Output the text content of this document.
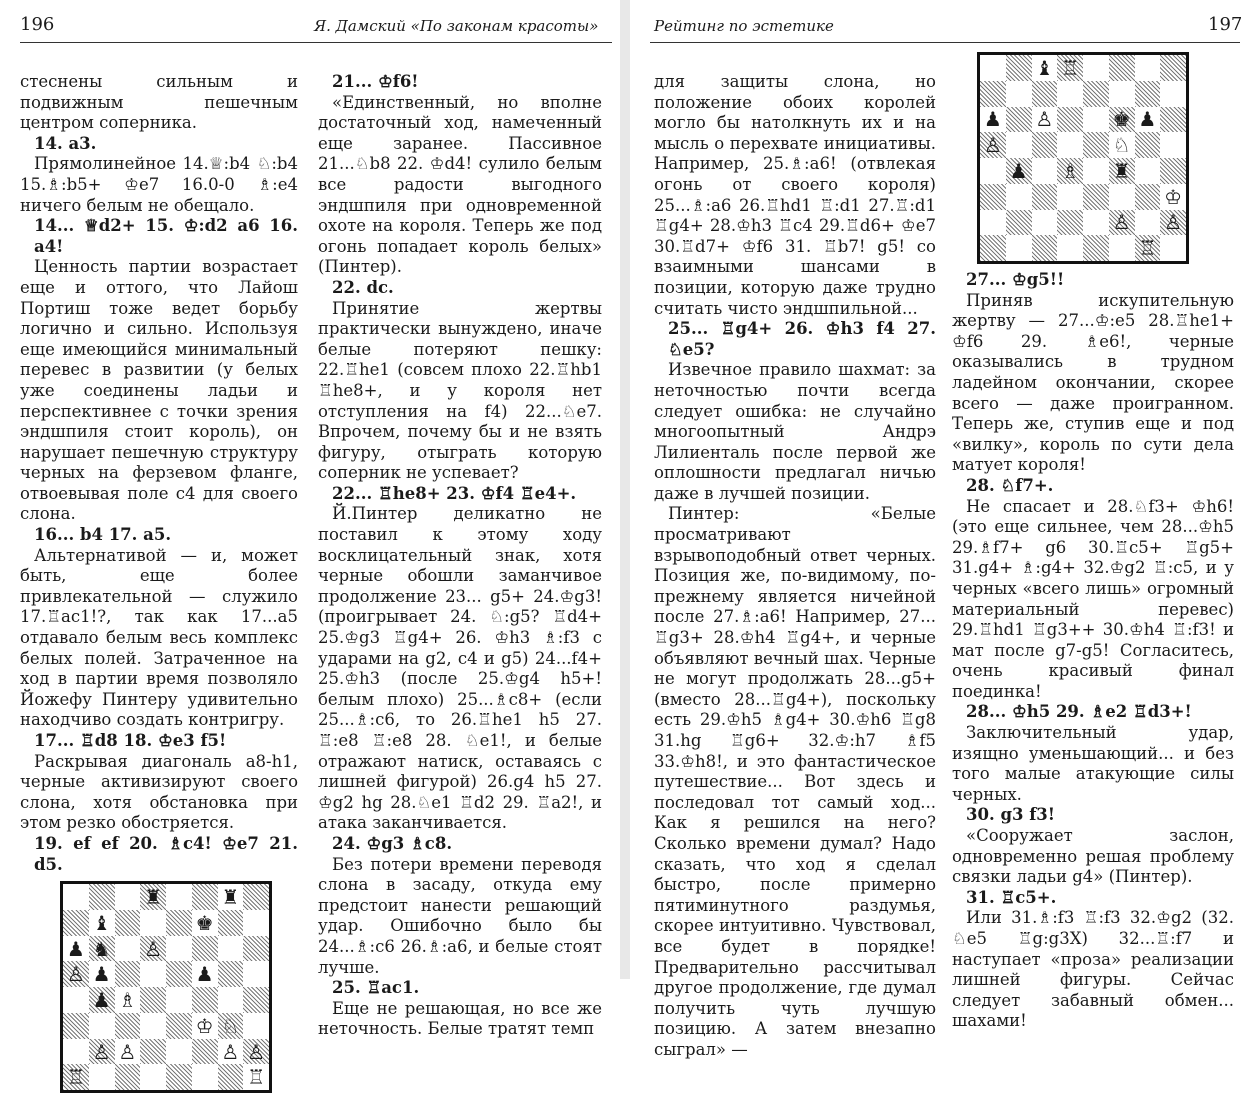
196	Я. Дамский «По законам красоты»

стеснены сильным и подвижным пешечным центром соперника.

14. a3.

Прямолинейное 14.♕:b4 ♘:b4 15.♗:b5+ ♔e7 16.0-0 ♗:e4 ничего белым не обещало.

14... ♕d2+ 15. ♔:d2 a6 16. a4!

Ценность партии возрастает еще и оттого, что Лайош Портиш тоже ведет борьбу логично и сильно. Используя еще имеющийся минимальный перевес в развитии (у белых уже соединены ладьи и перспективнее с точки зрения эндшпиля стоит король), он нарушает пешечную структуру черных на ферзевом фланге, отвоевывая поле c4 для своего слона.

16... b4 17. a5.

Альтернативой — и, может быть, еще более привлекательной — служило 17.♖ac1!?, так как 17...a5 отдавало белым весь комплекс белых полей. Затраченное на ход в партии время позволяло Йожефу Пинтеру удивительно находчиво создать контригру.

17... ♖d8 18. ♔e3 f5!

Раскрывая диагональ a8-h1, черные активизируют своего слона, хотя обстановка при этом резко обостряется.

19. ef ef 20. ♗c4! ♔e7 21. d5.

♜	♜
♝	♚
♟ ♞ ♙
♙ ♟	♟
♟ ♗
♔ ♘
♙ ♙	♙ ♙
♖	♖

21... ♔f6!

«Единственный, но вполне достаточный ход, намеченный еще заранее. Пассивное 21...♘b8 22. ♔d4! сулило белым все радости выгодного эндшпиля при одновременной охоте на короля. Теперь же под огонь попадает король белых» (Пинтер).

22. dc.

Принятие жертвы практически вынуждено, иначе белые потеряют пешку: 22.♖he1 (совсем плохо 22.♖hb1 ♖he8+, и у короля нет отступления на f4) 22...♘e7. Впрочем, почему бы и не взять фигуру, отыграть которую соперник не успевает?

22... ♖he8+ 23. ♔f4 ♖e4+.

Й.Пинтер деликатно не поставил к этому ходу восклицательный знак, хотя черные обошли заманчивое продолжение 23... g5+ 24.♔g3! (проигрывает 24. ♘:g5? ♖d4+ 25.♔g3 ♖g4+ 26. ♔h3 ♗:f3 с ударами на g2, c4 и g5) 24...f4+ 25.♔h3 (после 25.♔g4 h5+! белым плохо) 25...♗c8+ (если 25...♗:c6, то 26.♖he1 h5 27. ♖:e8 ♖:e8 28. ♘e1!, и белые отражают натиск, оставаясь с лишней фигурой) 26.g4 h5 27. ♔g2 hg 28.♘e1 ♖d2 29. ♖a2!, и атака заканчивается.

24. ♔g3 ♗c8.

Без потери времени переводя слона в засаду, откуда ему предстоит нанести решающий удар. Ошибочно было бы 24...♗:c6 26.♗:a6, и белые стоят лучше.

25. ♖ac1.

Еще не решающая, но все же неточность. Белые тратят темп

Рейтинг по эстетике	197

для защиты слона, но положение обоих королей могло бы натолкнуть их и на мысль о перехвате инициативы. Например, 25.♗:a6! (отвлекая огонь от своего короля) 25...♗:a6 26.♖hd1 ♖:d1 27.♖:d1 ♖g4+ 28.♔h3 ♖c4 29.♖d6+ ♔e7 30.♖d7+ ♔f6 31. ♖b7! g5! со взаимными шансами в позиции, которую даже трудно считать чисто эндшпильной...

25... ♖g4+ 26. ♔h3 f4 27. ♘e5?

Извечное правило шахмат: за неточностью почти всегда следует ошибка: не случайно многоопытный Андрэ Лилиенталь после первой же оплошности предлагал ничью даже в лучшей позиции.

Пинтер: «Белые просматривают взрывоподобный ответ черных. Позиция же, по-видимому, по-прежнему является ничейной после 27.♗:a6! Например, 27... ♖g3+ 28.♔h4 ♖g4+, и черные объявляют вечный шах. Черные не могут продолжать 28...g5+ (вместо 28...♖g4+), поскольку есть 29.♔h5 ♗g4+ 30.♔h6 ♖g8 31.hg ♖g6+ 32.♔:h7 ♗f5 33.♔h8!, и это фантастическое путешествие... Вот здесь и последовал тот самый ход... Как я решился на него? Сколько времени думал? Надо сказать, что ход я сделал быстро, после примерно пятиминутного раздумья, скорее интуитивно. Чувствовал, все будет в порядке! Предварительно рассчитывал другое продолжение, где думал получить чуть лучшую позицию. А затем внезапно сыграл» —

♝ ♖
♟ ♙	♚ ♟
♙	♘
♟ ♗ ♜
♔
♙ ♙
♖

27... ♔g5!!

Приняв искупительную жертву — 27...♔:e5 28.♖he1+ ♔f6 29. ♗e6!, черные оказывались в трудном ладейном окончании, скорее всего — даже проигранном. Теперь же, ступив еще и под «вилку», король по сути дела матует короля!

28. ♘f7+.

Не спасает и 28.♘f3+ ♔h6! (это еще сильнее, чем 28...♔h5 29.♗f7+ g6 30.♖c5+ ♖g5+ 31.g4+ ♗:g4+ 32.♔g2 ♖:c5, и у черных «всего лишь» огромный материальный перевес) 29.♖hd1 ♖g3++ 30.♔h4 ♖:f3! и мат после g7-g5! Согласитесь, очень красивый финал поединка!

28... ♔h5 29. ♗e2 ♖d3+!

Заключительный удар, изящно уменьшающий... и без того малые атакующие силы черных.

30. g3 f3!

«Сооружает заслон, одновременно решая проблему связки ладьи g4» (Пинтер).

31. ♖c5+.

Или 31.♗:f3 ♖:f3 32.♔g2 (32. ♘e5 ♖g:g3X) 32...♖:f7 и наступает «проза» реализации лишней фигуры. Сейчас следует забавный обмен... шахами!
